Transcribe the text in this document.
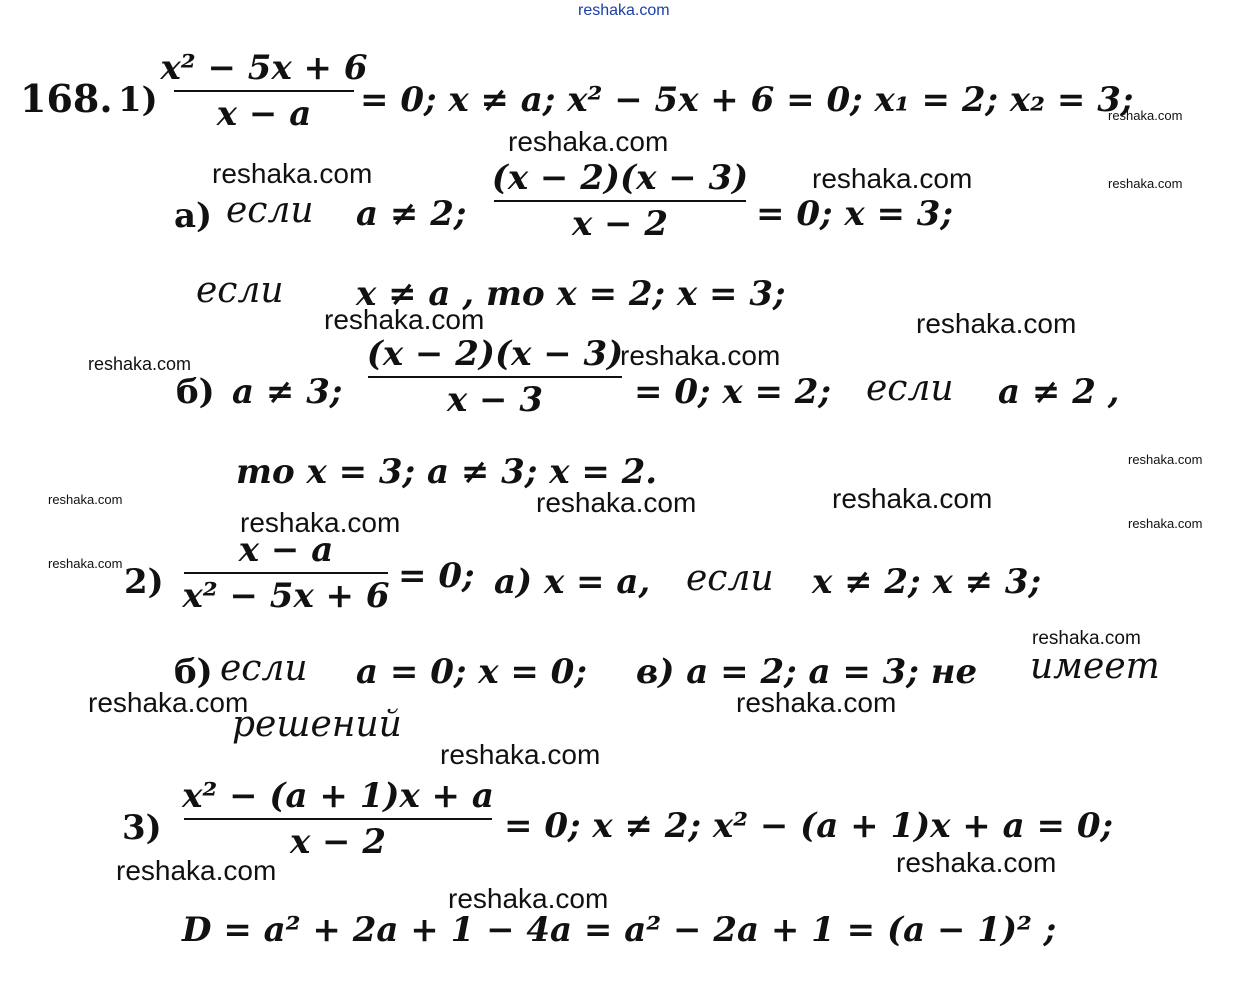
reshaka.com
168. 1)
x² − 5x + 6
x − a = 0; x ≠ a; x² − 5x + 6 = 0; x₁ = 2; x₂ = 3;
а) если a ≠ 2;
(x − 2)(x − 3)
x − 2	= 0; x = 3;
если x ≠ a , то x = 2; x = 3;
б) a ≠ 3;
(x − 2)(x − 3)
x − 3	= 0; x = 2; если a ≠ 2 ,
то x = 3; a ≠ 3; x = 2.
2)
x − a
x² − 5x + 6 = 0; а) x = a, если x ≠ 2; x ≠ 3;
б) если a = 0; x = 0; в) a = 2; a = 3; не имеет
решений
3)
x² − (a + 1)x + a
x − 2	= 0; x ≠ 2; x² − (a + 1)x + a = 0;
D = a² + 2a + 1 − 4a = a² − 2a + 1 = (a − 1)² ;
reshaka.com
reshaka.com
reshaka.com	reshaka.com	reshaka.com
reshaka.com	reshaka.com
reshaka.com
reshaka.com
reshaka.com
reshaka.com	reshaka.com
reshaka.com
reshaka.com	reshaka.com
reshaka.com
reshaka.com
reshaka.com	reshaka.com
reshaka.com
reshaka.com
reshaka.com
reshaka.com
